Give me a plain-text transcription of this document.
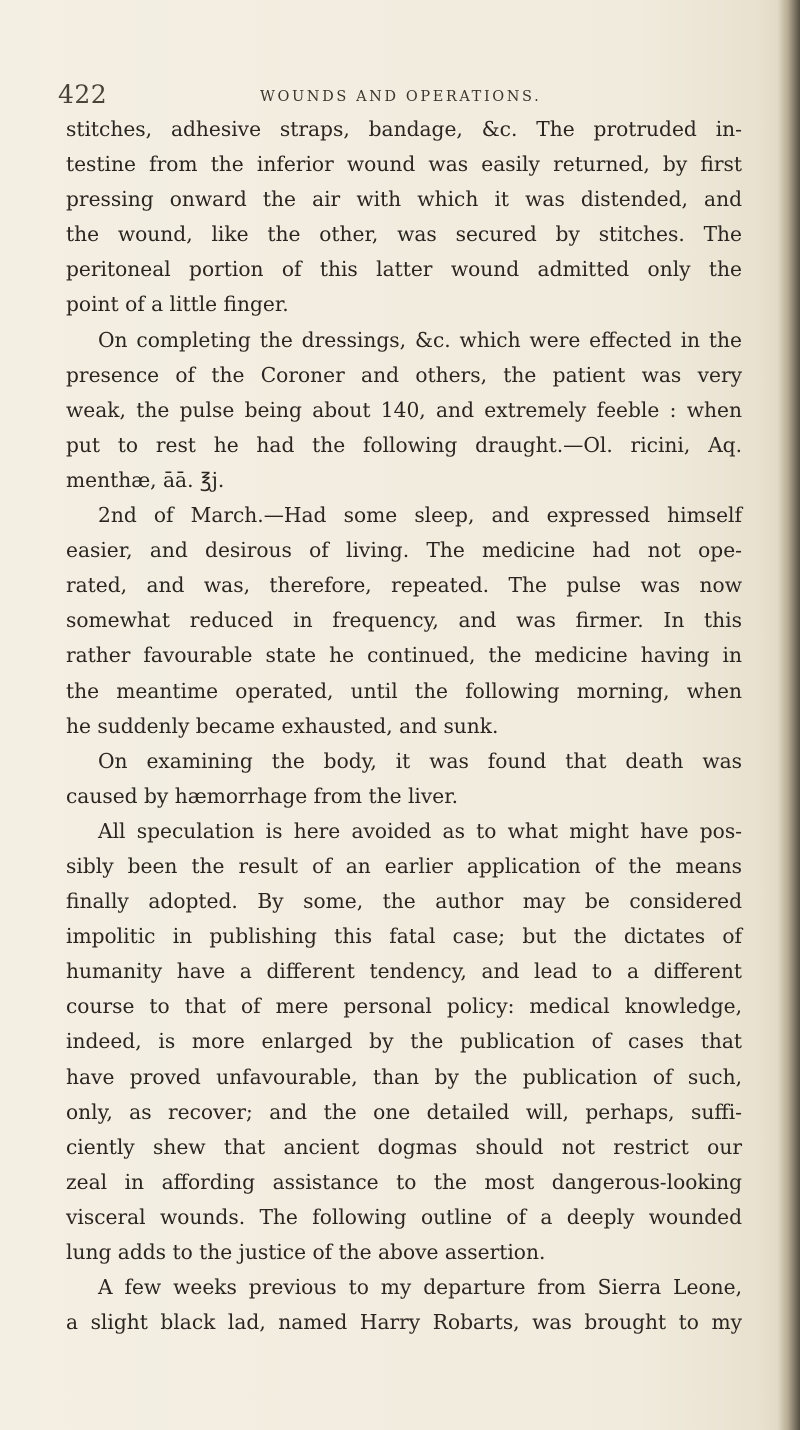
422	WOUNDS AND OPERATIONS.
stitches, adhesive straps, bandage, &c. The protruded in-
testine from the inferior wound was easily returned, by first
pressing onward the air with which it was distended, and
the wound, like the other, was secured by stitches. The
peritoneal portion of this latter wound admitted only the
point of a little finger.
On completing the dressings, &c. which were effected in the
presence of the Coroner and others, the patient was very
weak, the pulse being about 140, and extremely feeble : when
put to rest he had the following draught.—Ol. ricini, Aq.
menthæ, āā. ℥j.
2nd of March.—Had some sleep, and expressed himself
easier, and desirous of living. The medicine had not ope-
rated, and was, therefore, repeated. The pulse was now
somewhat reduced in frequency, and was firmer. In this
rather favourable state he continued, the medicine having in
the meantime operated, until the following morning, when
he suddenly became exhausted, and sunk.
On examining the body, it was found that death was
caused by hæmorrhage from the liver.
All speculation is here avoided as to what might have pos-
sibly been the result of an earlier application of the means
finally adopted. By some, the author may be considered
impolitic in publishing this fatal case; but the dictates of
humanity have a different tendency, and lead to a different
course to that of mere personal policy: medical knowledge,
indeed, is more enlarged by the publication of cases that
have proved unfavourable, than by the publication of such,
only, as recover; and the one detailed will, perhaps, suffi-
ciently shew that ancient dogmas should not restrict our
zeal in affording assistance to the most dangerous-looking
visceral wounds. The following outline of a deeply wounded
lung adds to the justice of the above assertion.
A few weeks previous to my departure from Sierra Leone,
a slight black lad, named Harry Robarts, was brought to my
